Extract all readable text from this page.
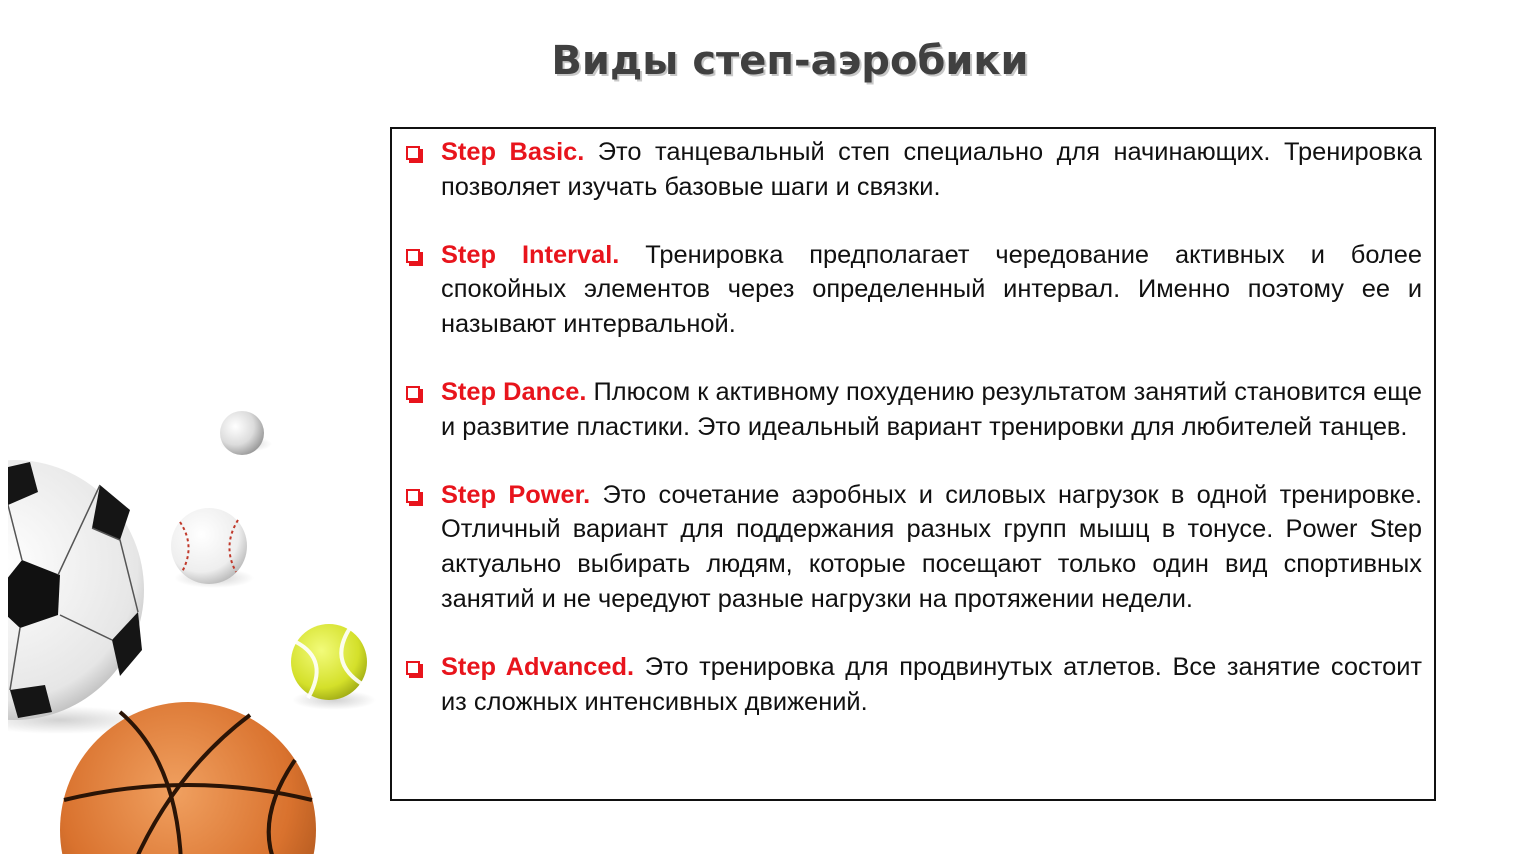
Виды степ-аэробики
Step Basic. Это танцевальный степ специально для начинающих. Тренировка позволяет изучать базовые шаги и связки.
Step Interval. Тренировка предполагает чередование активных и более спокойных элементов через определенный интервал. Именно поэтому ее и называют интервальной.
Step Dance. Плюсом к активному похудению результатом занятий становится еще и развитие пластики. Это идеальный вариант тренировки для любителей танцев.
Step Power. Это сочетание аэробных и силовых нагрузок в одной тренировке. Отличный вариант для поддержания разных групп мышц в тонусе. Power Step актуально выбирать людям, которые посещают только один вид спортивных занятий и не чередуют разные нагрузки на протяжении недели.
Step Advanced. Это тренировка для продвинутых атлетов. Все занятие состоит из сложных интенсивных движений.
